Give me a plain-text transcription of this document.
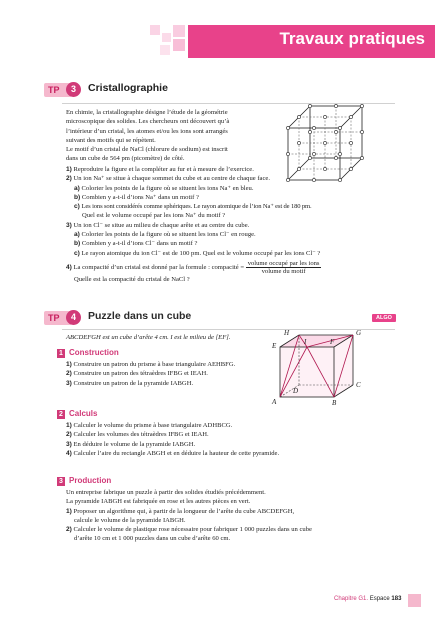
Travaux pratiques
TP	3	Cristallographie
En chimie, la cristallographie désigne l’étude de la géométrie
microscopique des solides. Les chercheurs ont découvert qu’à
l’intérieur d’un cristal, les atomes et/ou les ions sont arrangés
suivant des motifs qui se répètent.
Le motif d’un cristal de NaCl (chlorure de sodium) est inscrit
dans un cube de 564 pm (picomètre) de côté.
1) Reproduire la figure et la compléter au fur et à mesure de l’exercice.
2) Un ion Na⁺ se situe à chaque sommet du cube et au centre de chaque face.
a) Colorier les points de la figure où se situent les ions Na⁺ en bleu.
b) Combien y a-t-il d’ions Na⁺ dans un motif ?
c) Les ions sont considérés comme sphériques. Le rayon atomique de l’ion Na⁺ est de 180 pm.
Quel est le volume occupé par les ions Na⁺ du motif ?
3) Un ion Cl⁻ se situe au milieu de chaque arête et au centre du cube.
a) Colorier les points de la figure où se situent les ions Cl⁻ en rouge.
b) Combien y a-t-il d’ions Cl⁻ dans un motif ?
c) Le rayon atomique du ion Cl⁻ est de 100 pm. Quel est le volume occupé par les ions Cl⁻ ?
4) La compacité d’un cristal est donné par la formule : compacité = $\frac{\text{volume occupé par les ions}}{\text{volume du motif}}$
Quelle est la compacité du cristal de NaCl ?
TP	4	Puzzle dans un cube	ALGO
ABCDEFGH est un cube d’arête 4 cm. I est le milieu de [EF].
H	G
E	I	F
D
C
A	B
1 Construction
1) Construire un patron du prisme à base triangulaire AEHBFG.
2) Construire un patron des tétraèdres IFBG et IEAH.
3) Construire un patron de la pyramide IABGH.
2 Calculs
1) Calculer le volume du prisme à base triangulaire ADHBCG.
2) Calculer les volumes des tétraèdres IFBG et IEAH.
3) En déduire le volume de la pyramide IABGH.
4) Calculer l’aire du rectangle ABGH et en déduire la hauteur de cette pyramide.
3 Production
Un entreprise fabrique un puzzle à partir des solides étudiés précédemment.
La pyramide IABGH est fabriquée en rose et les autres pièces en vert.
1) Proposer un algorithme qui, à partir de la longueur de l’arête du cube ABCDEFGH,
calcule le volume de la pyramide IABGH.
2) Calculer le volume de plastique rose nécessaire pour fabriquer 1 000 puzzles dans un cube
d’arête 10 cm et 1 000 puzzles dans un cube d’arête 60 cm.
Chapitre G1. Espace 183
